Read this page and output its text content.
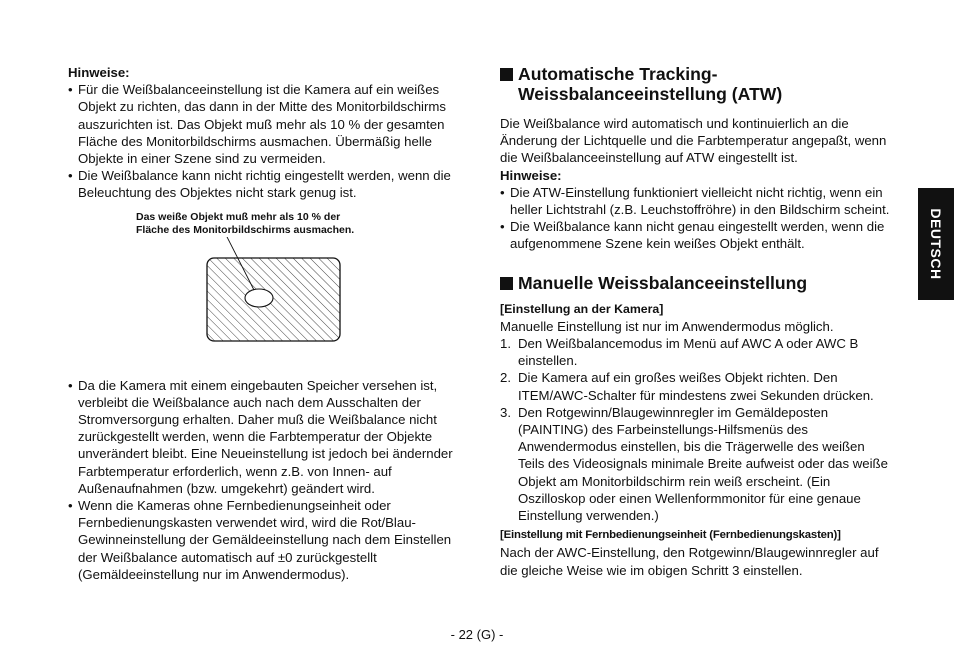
Hinweise:

• Für die Weißbalanceeinstellung ist die Kamera auf ein weißes Objekt zu richten, das dann in der Mitte des Monitorbildschirms auszurichten ist. Das Objekt muß mehr als 10 % der gesamten Fläche des Monitorbildschirms ausmachen. Übermäßig helle Objekte in einer Szene sind zu vermeiden.

• Die Weißbalance kann nicht richtig eingestellt werden, wenn die Beleuchtung des Objektes nicht stark genug ist.

Das weiße Objekt muß mehr als 10 % der
Fläche des Monitorbildschirms ausmachen.

• Da die Kamera mit einem eingebauten Speicher versehen ist, verbleibt die Weißbalance auch nach dem Ausschalten der Stromversorgung erhalten. Daher muß die Weißbalance nicht zurückgestellt werden, wenn die Farbtemperatur der Objekte unverändert bleibt. Eine Neueinstellung ist jedoch bei ändernder Farbtemperatur erforderlich, wenn z.B. von Innen- auf Außenaufnahmen (bzw. umgekehrt) geändert wird.

• Wenn die Kameras ohne Fernbedienungseinheit oder Fernbedienungskasten verwendet wird, wird die Rot/Blau-Gewinneinstellung der Gemäldeeinstellung nach dem Einstellen der Weißbalance automatisch auf ±0 zurückgestellt (Gemäldeeinstellung nur im Anwendermodus).

Automatische Tracking-
Weissbalanceeinstellung (ATW)
Die Weißbalance wird automatisch und kontinuierlich an die Änderung der Lichtquelle und die Farbtemperatur angepaßt, wenn die Weißbalanceeinstellung auf ATW eingestellt ist.
Hinweise:

• Die ATW-Einstellung funktioniert vielleicht nicht richtig, wenn ein heller Lichtstrahl (z.B. Leuchstoffröhre) in den Bildschirm scheint.

• Die Weißbalance kann nicht genau eingestellt werden, wenn die aufgenommene Szene kein weißes Objekt enthält.

Manuelle Weissbalanceeinstellung
[Einstellung an der Kamera]
Manuelle Einstellung ist nur im Anwendermodus möglich.

1. Den Weißbalancemodus im Menü auf AWC A oder AWC B einstellen.

2. Die Kamera auf ein großes weißes Objekt richten. Den ITEM/AWC-Schalter für mindestens zwei Sekunden drücken.

3. Den Rotgewinn/Blaugewinnregler im Gemäldeposten (PAINTING) des Farbeinstellungs-Hilfsmenüs des Anwendermodus einstellen, bis die Trägerwelle des weißen Teils des Videosignals minimale Breite aufweist oder das weiße Objekt am Monitorbildschirm rein weiß erscheint. (Ein Oszilloskop oder einen Wellenformmonitor für eine genaue Einstellung verwenden.)

[Einstellung mit Fernbedienungseinheit (Fernbedienungskasten)]
Nach der AWC-Einstellung, den Rotgewinn/Blaugewinnregler auf die gleiche Weise wie im obigen Schritt 3 einstellen.
DEUTSCH
- 22 (G) -
